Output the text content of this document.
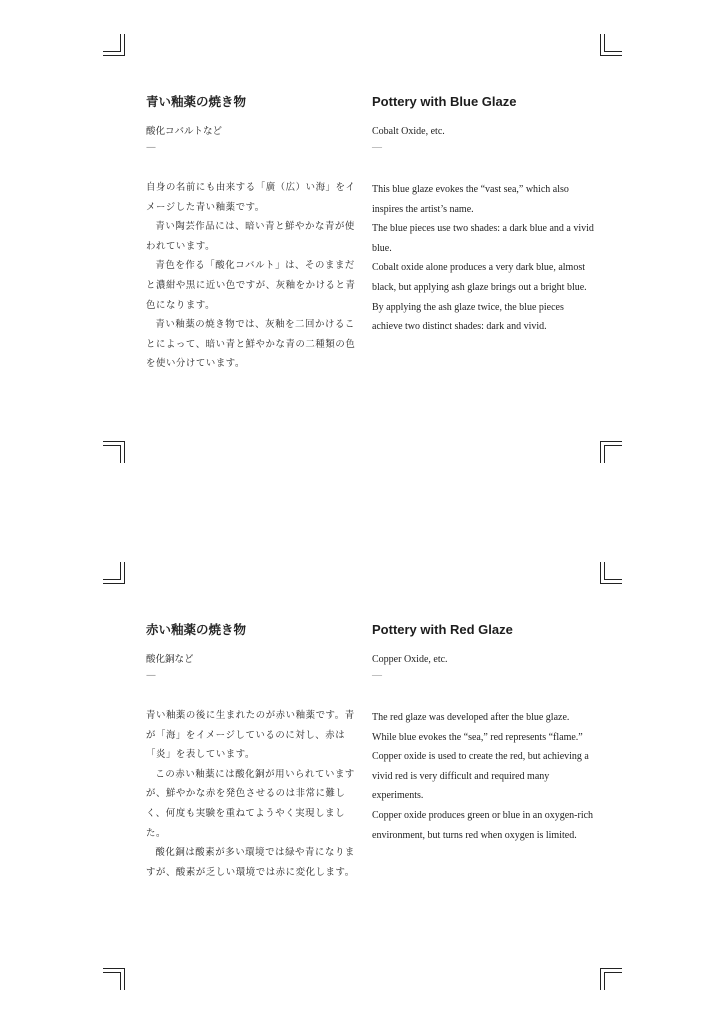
青い釉薬の焼き物
酸化コバルトなど
—

自身の名前にも由来する「廣（広）い海」をイメージした青い釉薬です。

青い陶芸作品には、暗い青と鮮やかな青が使われています。

青色を作る「酸化コバルト」は、そのままだと濃紺や黒に近い色ですが、灰釉をかけると青色になります。

青い釉薬の焼き物では、灰釉を二回かけることによって、暗い青と鮮やかな青の二種類の色を使い分けています。

Pottery with Blue Glaze
Cobalt Oxide, etc.
—

This blue glaze evokes the “vast sea,” which also inspires the artist’s name.

The blue pieces use two shades: a dark blue and a vivid blue.

Cobalt oxide alone produces a very dark blue, almost black, but applying ash glaze brings out a bright blue.

By applying the ash glaze twice, the blue pieces achieve two distinct shades: dark and vivid.

赤い釉薬の焼き物
酸化銅など
—

青い釉薬の後に生まれたのが赤い釉薬です。青が「海」をイメージしているのに対し、赤は「炎」を表しています。

この赤い釉薬には酸化銅が用いられていますが、鮮やかな赤を発色させるのは非常に難しく、何度も実験を重ねてようやく実現しました。

酸化銅は酸素が多い環境では緑や青になりますが、酸素が乏しい環境では赤に変化します。

Pottery with Red Glaze
Copper Oxide, etc.
—

The red glaze was developed after the blue glaze.

While blue evokes the “sea,” red represents “flame.”

Copper oxide is used to create the red, but achieving a vivid red is very difficult and required many experiments.

Copper oxide produces green or blue in an oxygen-rich environment, but turns red when oxygen is limited.
